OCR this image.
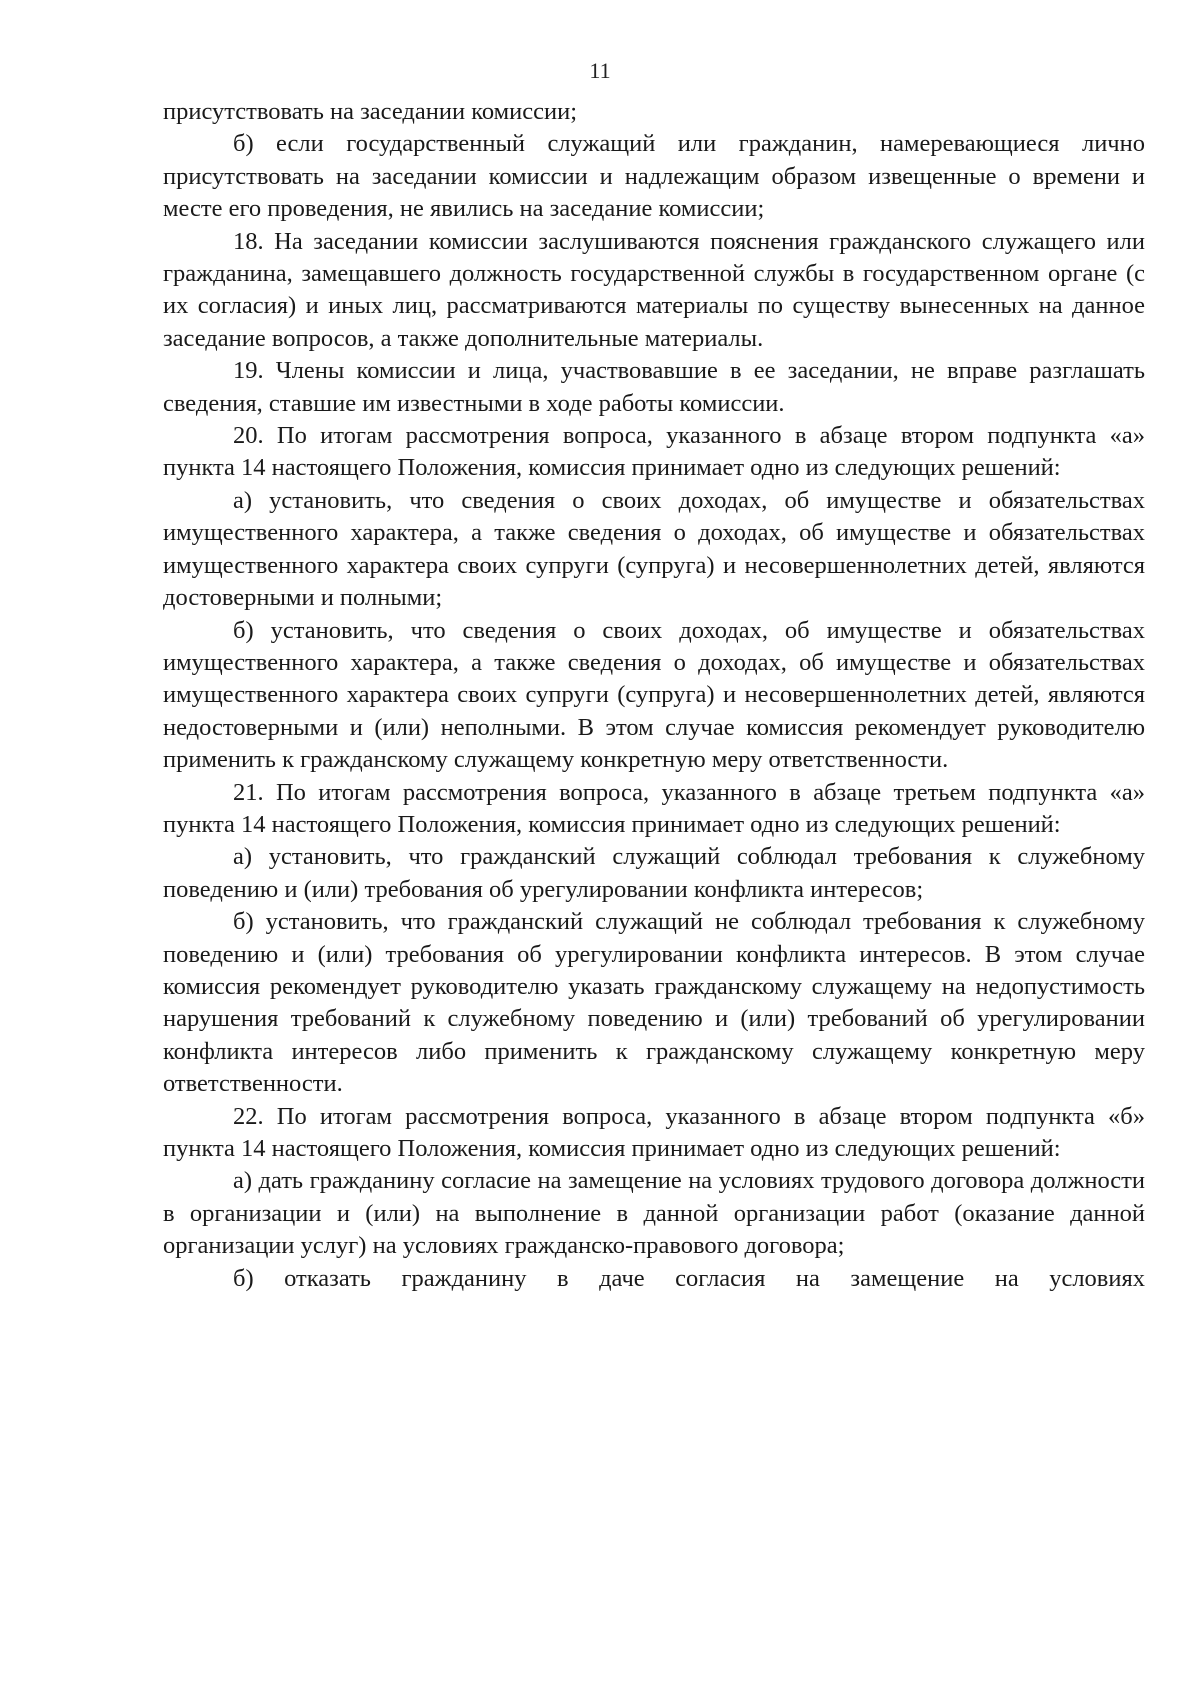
11

присутствовать на заседании комиссии;

б) если государственный служащий или гражданин, намеревающиеся лично присутствовать на заседании комиссии и надлежащим образом извещенные о времени и месте его проведения, не явились на заседание комиссии;

18. На заседании комиссии заслушиваются пояснения гражданского служащего или гражданина, замещавшего должность государственной службы в государственном органе (с их согласия) и иных лиц, рассматриваются материалы по существу вынесенных на данное заседание вопросов, а также дополнительные материалы.

19. Члены комиссии и лица, участвовавшие в ее заседании, не вправе разглашать сведения, ставшие им известными в ходе работы комиссии.

20. По итогам рассмотрения вопроса, указанного в абзаце втором подпункта «а» пункта 14 настоящего Положения, комиссия принимает одно из следующих решений:

а) установить, что сведения о своих доходах, об имуществе и обязательствах имущественного характера, а также сведения о доходах, об имуществе и обязательствах имущественного характера своих супруги (супруга) и несовершеннолетних детей, являются достоверными и полными;

б) установить, что сведения о своих доходах, об имуществе и обязательствах имущественного характера, а также сведения о доходах, об имуществе и обязательствах имущественного характера своих супруги (супруга) и несовершеннолетних детей, являются недостоверными и (или) неполными. В этом случае комиссия рекомендует руководителю применить к гражданскому служащему конкретную меру ответственности.

21. По итогам рассмотрения вопроса, указанного в абзаце третьем подпункта «а» пункта 14 настоящего Положения, комиссия принимает одно из следующих решений:

а) установить, что гражданский служащий соблюдал требования к служебному поведению и (или) требования об урегулировании конфликта интересов;

б) установить, что гражданский служащий не соблюдал требования к служебному поведению и (или) требования об урегулировании конфликта интересов. В этом случае комиссия рекомендует руководителю указать гражданскому служащему на недопустимость нарушения требований к служебному поведению и (или) требований об урегулировании конфликта интересов либо применить к гражданскому служащему конкретную меру ответственности.

22. По итогам рассмотрения вопроса, указанного в абзаце втором подпункта «б» пункта 14 настоящего Положения, комиссия принимает одно из следующих решений:

а) дать гражданину согласие на замещение на условиях трудового договора должности в организации и (или) на выполнение в данной организации работ (оказание данной организации услуг) на условиях гражданско-правового договора;

б) отказать гражданину в даче согласия на замещение на условиях
